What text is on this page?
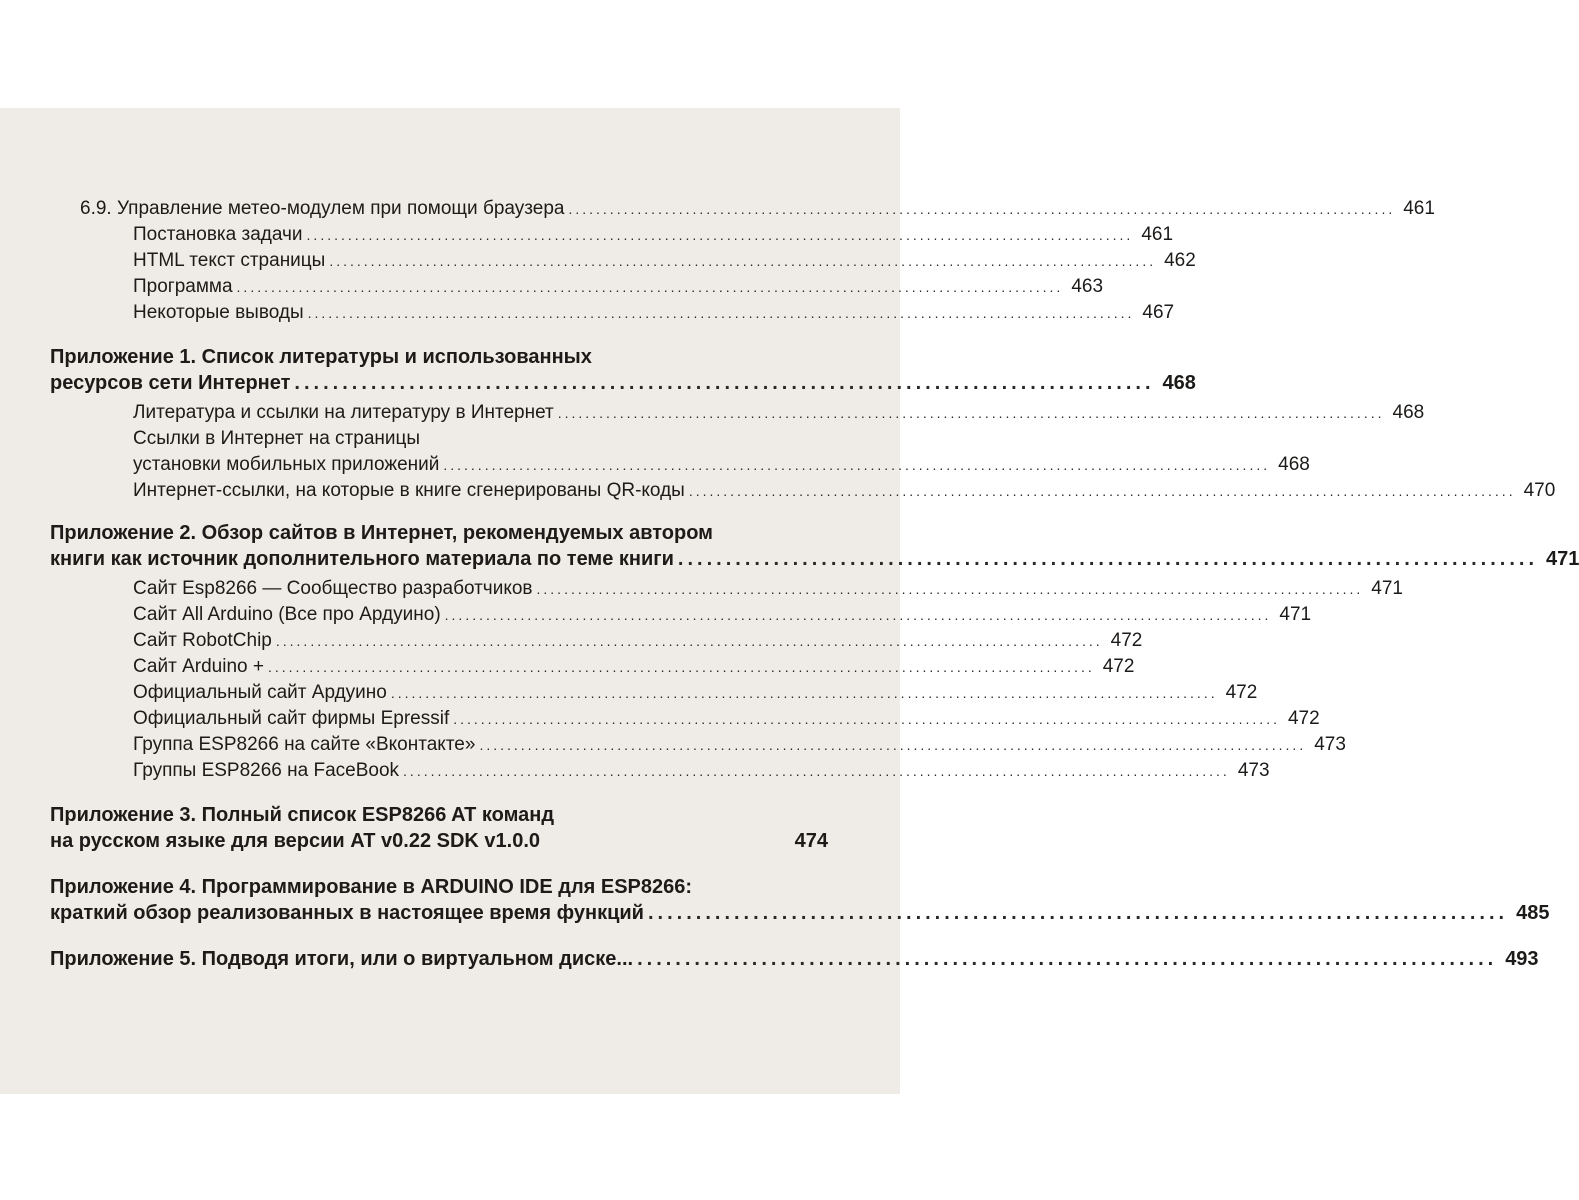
6.9. Управление метео-модулем при помощи браузера ........................................................................................................................ 461
Постановка задачи ........................................................................................................................ 461
HTML текст страницы ........................................................................................................................ 462
Программа ........................................................................................................................ 463
Некоторые выводы ........................................................................................................................ 467
Приложение 1. Список литературы и использованных
ресурсов сети Интернет .......................................................................................... 468
Литература и ссылки на литературу в Интернет ........................................................................................................................ 468
Ссылки в Интернет на страницы
установки мобильных приложений ........................................................................................................................ 468
Интернет-ссылки, на которые в книге сгенерированы QR-коды ........................................................................................................................ 470
Приложение 2. Обзор сайтов в Интернет, рекомендуемых автором
книги как источник дополнительного материала по теме книги .......................................................................................... 471
Сайт Esp8266 — Сообщество разработчиков ........................................................................................................................ 471
Сайт All Arduino (Все про Ардуино) ........................................................................................................................ 471
Сайт RobotChip ........................................................................................................................ 472
Сайт Arduino + ........................................................................................................................ 472
Официальный сайт Ардуино ........................................................................................................................ 472
Официальный сайт фирмы Epressif ........................................................................................................................ 472
Группа ESP8266 на сайте «Вконтакте» ........................................................................................................................ 473
Группы ESP8266 на FaceBook ........................................................................................................................ 473
Приложение 3. Полный список ESP8266 AT команд
на русском языке для версии AT v0.22 SDK v1.0.0	474
Приложение 4. Программирование в ARDUINO IDE для ESP8266:
краткий обзор реализованных в настоящее время функций .......................................................................................... 485
Приложение 5. Подводя итоги, или о виртуальном диске... .......................................................................................... 493
